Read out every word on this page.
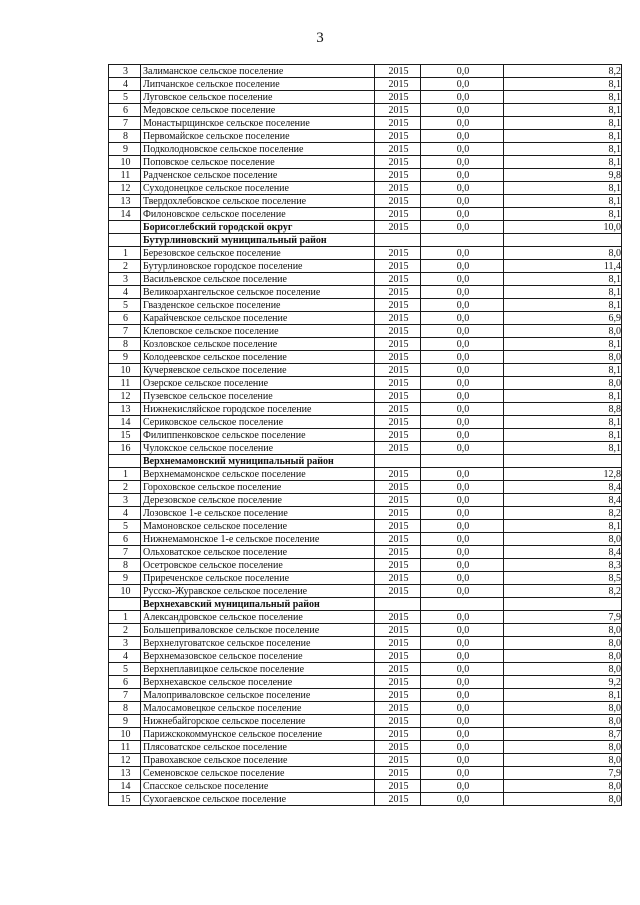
3
3	Залиманское сельское поселение	2015	0,0	8,2
4	Липчанское сельское поселение	2015	0,0	8,1
5	Луговское сельское поселение	2015	0,0	8,1
6	Медовское сельское поселение	2015	0,0	8,1
7	Монастырщинское сельское поселение	2015	0,0	8,1
8	Первомайское сельское поселение	2015	0,0	8,1
9	Подколодновское сельское поселение	2015	0,0	8,1
10	Поповское сельское поселение	2015	0,0	8,1
11	Радченское сельское поселение	2015	0,0	9,8
12	Суходонецкое сельское поселение	2015	0,0	8,1
13	Твердохлебовское сельское поселение	2015	0,0	8,1
14	Филоновское сельское поселение	2015	0,0	8,1
	Борисоглебский городской округ	2015	0,0	10,0
	Бутурлиновский муниципальный район			
1	Березовское сельское поселение	2015	0,0	8,0
2	Бутурлиновское городское поселение	2015	0,0	11,4
3	Васильевское сельское поселение	2015	0,0	8,1
4	Великоархангельское сельское поселение	2015	0,0	8,1
5	Гвазденское сельское поселение	2015	0,0	8,1
6	Карайчевское сельское поселение	2015	0,0	6,9
7	Клеповское сельское поселение	2015	0,0	8,0
8	Козловское сельское поселение	2015	0,0	8,1
9	Колодеевское сельское поселение	2015	0,0	8,0
10	Кучеряевское сельское поселение	2015	0,0	8,1
11	Озерское сельское поселение	2015	0,0	8,0
12	Пузевское сельское поселение	2015	0,0	8,1
13	Нижнекисляйское городское поселение	2015	0,0	8,8
14	Сериковское сельское поселение	2015	0,0	8,1
15	Филиппенковское сельское поселение	2015	0,0	8,1
16	Чулокское сельское поселение	2015	0,0	8,1
	Верхнемамонский муниципальный район			
1	Верхнемамонское сельское поселение	2015	0,0	12,8
2	Гороховское сельское поселение	2015	0,0	8,4
3	Дерезовское сельское поселение	2015	0,0	8,4
4	Лозовское 1-е сельское поселение	2015	0,0	8,2
5	Мамоновское сельское поселение	2015	0,0	8,1
6	Нижнемамонское 1-е сельское поселение	2015	0,0	8,0
7	Ольховатское сельское поселение	2015	0,0	8,4
8	Осетровское сельское поселение	2015	0,0	8,3
9	Приреченское сельское поселение	2015	0,0	8,5
10	Русско-Журавское сельское поселение	2015	0,0	8,2
	Верхнехавский муниципальный район			
1	Александровское сельское поселение	2015	0,0	7,9
2	Большеприваловское сельское поселение	2015	0,0	8,0
3	Верхнелуговатское сельское поселение	2015	0,0	8,0
4	Верхнемазовское сельское поселение	2015	0,0	8,0
5	Верхнеплавицкое сельское поселение	2015	0,0	8,0
6	Верхнехавское сельское поселение	2015	0,0	9,2
7	Малоприваловское сельское поселение	2015	0,0	8,1
8	Малосамовецкое сельское поселение	2015	0,0	8,0
9	Нижнебайгорское сельское поселение	2015	0,0	8,0
10	Парижскокоммунское сельское поселение	2015	0,0	8,7
11	Плясоватское сельское поселение	2015	0,0	8,0
12	Правохавское сельское поселение	2015	0,0	8,0
13	Семеновское сельское поселение	2015	0,0	7,9
14	Спасское сельское поселение	2015	0,0	8,0
15	Сухогаевское сельское поселение	2015	0,0	8,0
